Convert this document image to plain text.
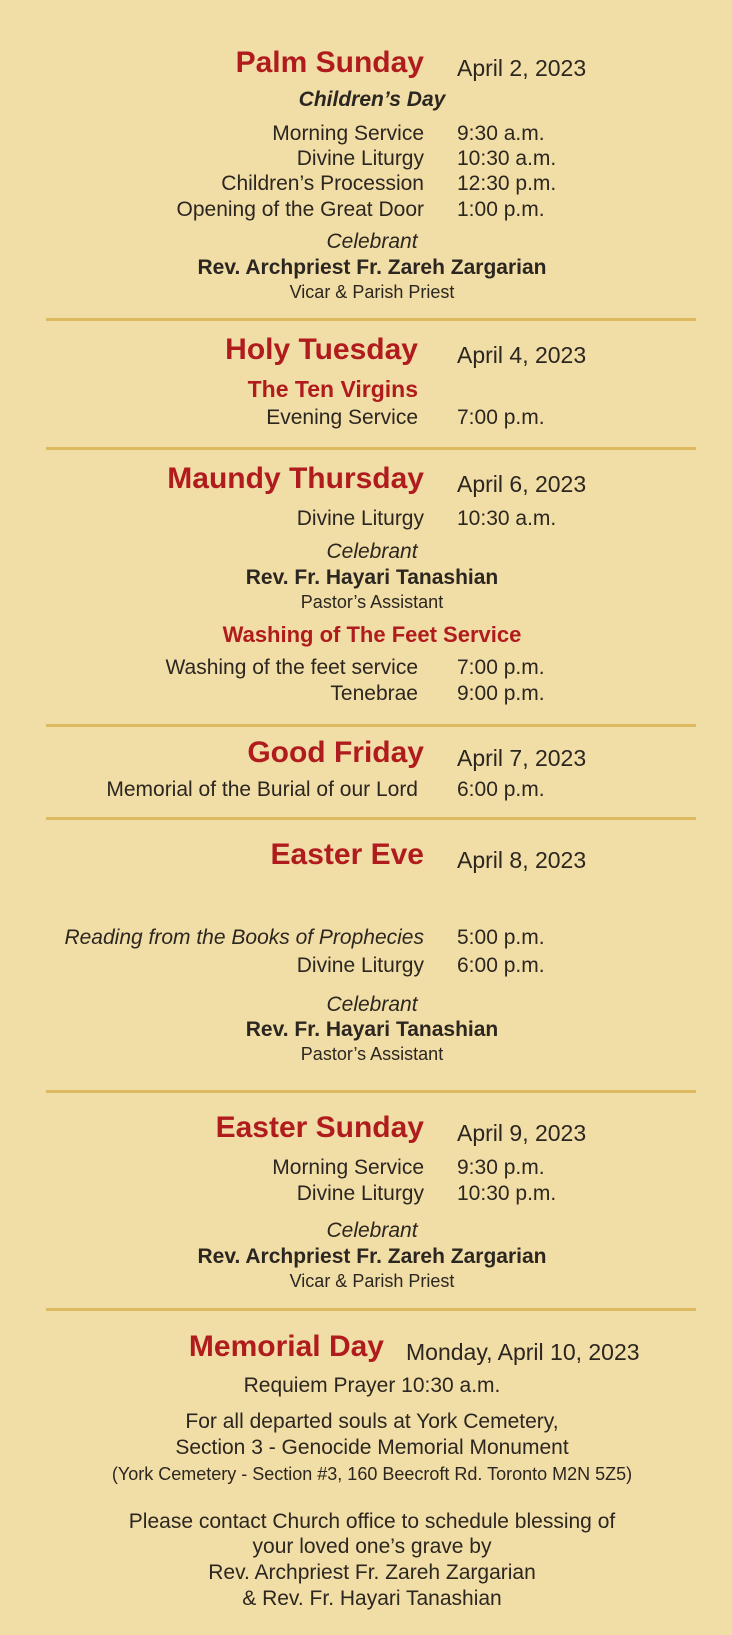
Palm Sunday April 2, 2023
Children’s Day
Morning Service 9:30 a.m.
Divine Liturgy 10:30 a.m.
Children’s Procession 12:30 p.m.
Opening of the Great Door 1:00 p.m.
Celebrant
Rev. Archpriest Fr. Zareh Zargarian
Vicar & Parish Priest
Holy Tuesday April 4, 2023
The Ten Virgins
Evening Service 7:00 p.m.
Maundy Thursday April 6, 2023
Divine Liturgy 10:30 a.m.
Celebrant
Rev. Fr. Hayari Tanashian
Pastor’s Assistant
Washing of The Feet Service
Washing of the feet service 7:00 p.m.
Tenebrae 9:00 p.m.
Good Friday April 7, 2023
Memorial of the Burial of our Lord 6:00 p.m.
Easter Eve April 8, 2023
Reading from the Books of Prophecies 5:00 p.m.
Divine Liturgy 6:00 p.m.
Celebrant
Rev. Fr. Hayari Tanashian
Pastor’s Assistant
Easter Sunday April 9, 2023
Morning Service 9:30 p.m.
Divine Liturgy 10:30 p.m.
Celebrant
Rev. Archpriest Fr. Zareh Zargarian
Vicar & Parish Priest
Memorial Day Monday, April 10, 2023
Requiem Prayer 10:30 a.m.
For all departed souls at York Cemetery,
Section 3 - Genocide Memorial Monument
(York Cemetery - Section #3, 160 Beecroft Rd. Toronto M2N 5Z5)
Please contact Church office to schedule blessing of
your loved one’s grave by
Rev. Archpriest Fr. Zareh Zargarian
& Rev. Fr. Hayari Tanashian
